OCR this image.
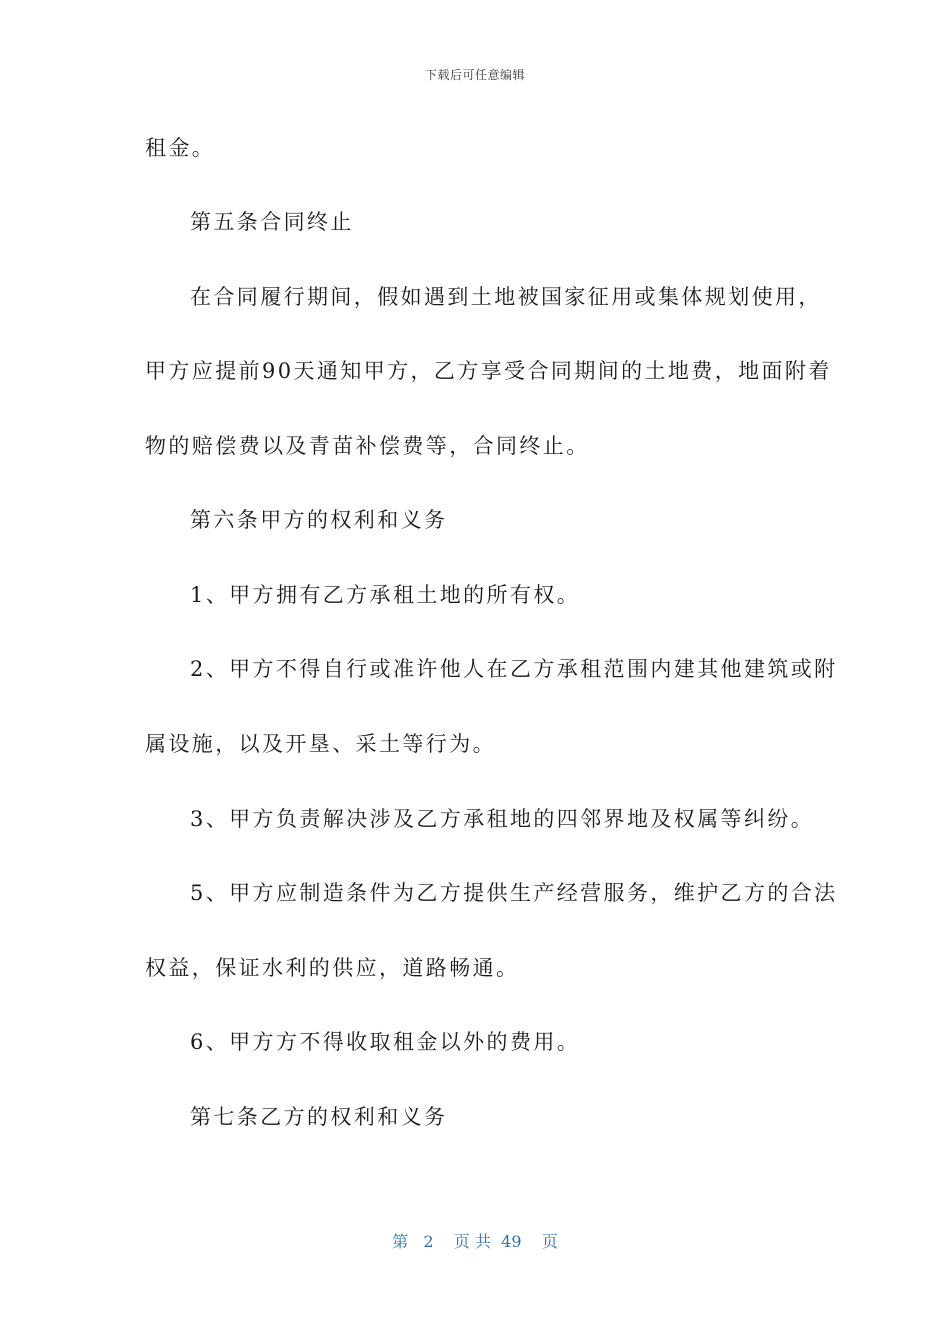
下载后可任意编辑
租金。
第五条合同终止
在合同履行期间，假如遇到土地被国家征用或集体规划使用，
甲方应提前90天通知甲方，乙方享受合同期间的土地费，地面附着
物的赔偿费以及青苗补偿费等，合同终止。
第六条甲方的权利和义务
1、甲方拥有乙方承租土地的所有权。
2、甲方不得自行或准许他人在乙方承租范围内建其他建筑或附
属设施，以及开垦、采土等行为。
3、甲方负责解决涉及乙方承租地的四邻界地及权属等纠纷。
5、甲方应制造条件为乙方提供生产经营服务，维护乙方的合法
权益，保证水利的供应，道路畅通。
6、甲方方不得收取租金以外的费用。
第七条乙方的权利和义务
第 2 页 共 49 页
